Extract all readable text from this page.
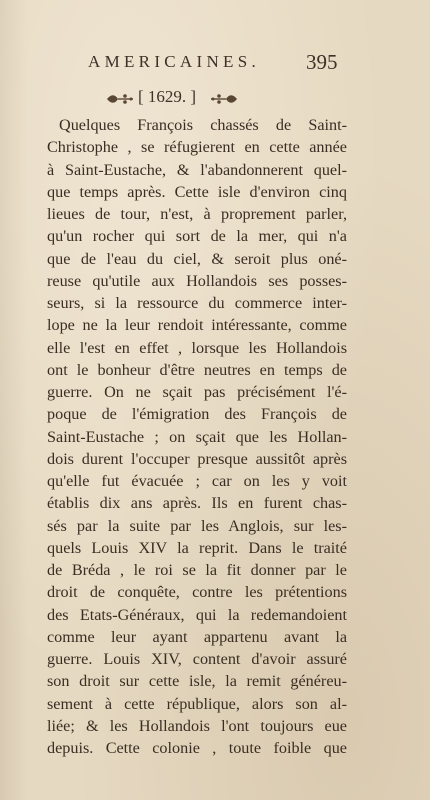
AMERICAINES. 395
[ 1629. ]
Quelques François chassés de Saint-
Christophe , se réfugierent en cette année
à Saint-Eustache, & l'abandonnerent quel-
que temps après. Cette isle d'environ cinq
lieues de tour, n'est, à proprement parler,
qu'un rocher qui sort de la mer, qui n'a
que de l'eau du ciel, & seroit plus oné-
reuse qu'utile aux Hollandois ses posses-
seurs, si la ressource du commerce inter-
lope ne la leur rendoit intéressante, comme
elle l'est en effet , lorsque les Hollandois
ont le bonheur d'être neutres en temps de
guerre. On ne sçait pas précisément l'é-
poque de l'émigration des François de
Saint-Eustache ; on sçait que les Hollan-
dois durent l'occuper presque aussitôt après
qu'elle fut évacuée ; car on les y voit
établis dix ans après. Ils en furent chas-
sés par la suite par les Anglois, sur les-
quels Louis XIV la reprit. Dans le traité
de Bréda , le roi se la fit donner par le
droit de conquête, contre les prétentions
des Etats-Généraux, qui la redemandoient
comme leur ayant appartenu avant la
guerre. Louis XIV, content d'avoir assuré
son droit sur cette isle, la remit généreu-
sement à cette république, alors son al-
liée; & les Hollandois l'ont toujours eue
depuis. Cette colonie , toute foible que
